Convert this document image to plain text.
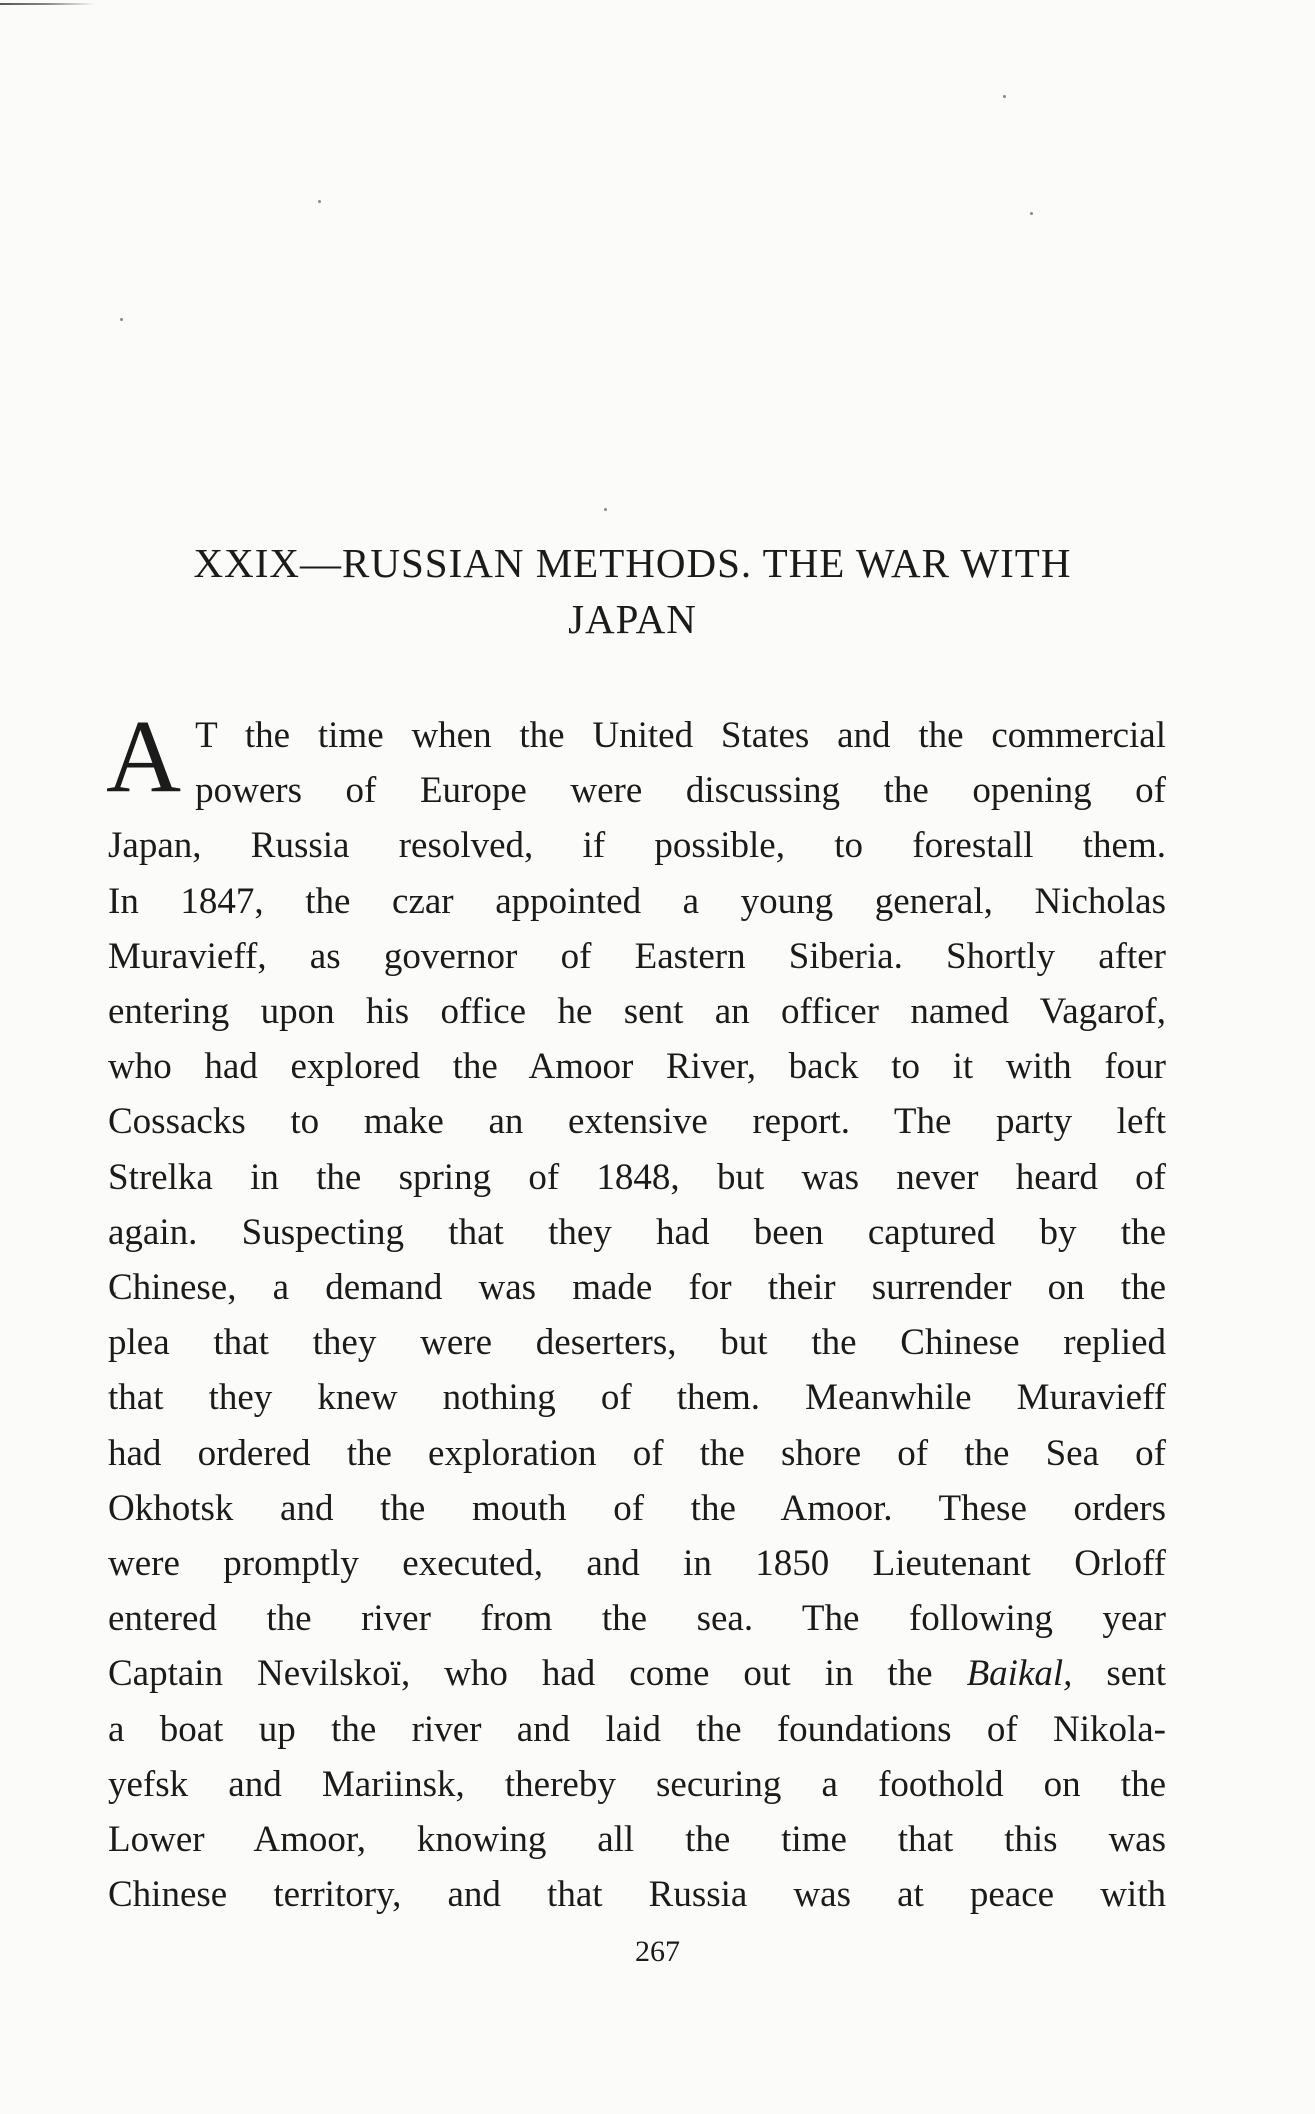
XXIX—RUSSIAN METHODS. THE WAR WITH
JAPAN
A T the time when the United States and the commercial
powers of Europe were discussing the opening of
Japan, Russia resolved, if possible, to forestall them.
In 1847, the czar appointed a young general, Nicholas
Muravieff, as governor of Eastern Siberia. Shortly after
entering upon his office he sent an officer named Vagarof,
who had explored the Amoor River, back to it with four
Cossacks to make an extensive report. The party left
Strelka in the spring of 1848, but was never heard of
again. Suspecting that they had been captured by the
Chinese, a demand was made for their surrender on the
plea that they were deserters, but the Chinese replied
that they knew nothing of them. Meanwhile Muravieff
had ordered the exploration of the shore of the Sea of
Okhotsk and the mouth of the Amoor. These orders
were promptly executed, and in 1850 Lieutenant Orloff
entered the river from the sea. The following year
Captain Nevilskoï, who had come out in the Baikal, sent
a boat up the river and laid the foundations of Nikola-
yefsk and Mariinsk, thereby securing a foothold on the
Lower Amoor, knowing all the time that this was
Chinese territory, and that Russia was at peace with

267
